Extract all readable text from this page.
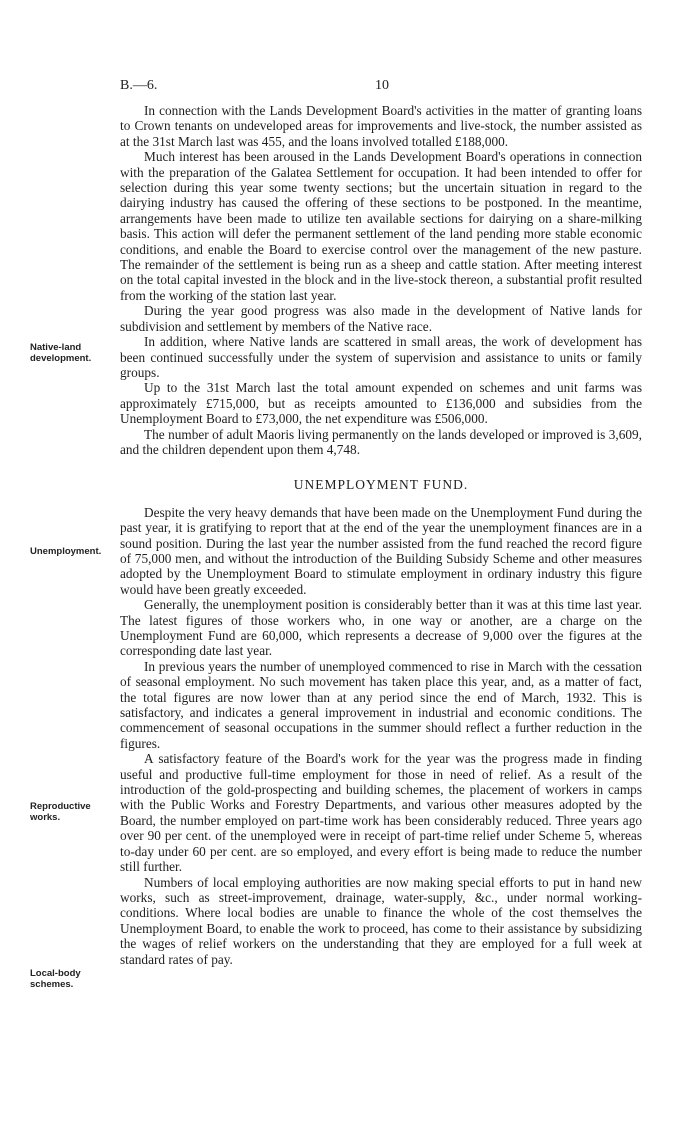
B.—6.	10
Native-land development.
Unemployment.
Reproductive works.
Local-body schemes.

In connection with the Lands Development Board's activities in the matter of granting loans to Crown tenants on undeveloped areas for improvements and live-stock, the number assisted as at the 31st March last was 455, and the loans involved totalled £188,000.

Much interest has been aroused in the Lands Development Board's operations in connection with the preparation of the Galatea Settlement for occupation. It had been intended to offer for selection during this year some twenty sections; but the uncertain situation in regard to the dairying industry has caused the offering of these sections to be postponed. In the meantime, arrangements have been made to utilize ten available sections for dairying on a share-milking basis. This action will defer the permanent settlement of the land pending more stable economic conditions, and enable the Board to exercise control over the management of the new pasture. The remainder of the settlement is being run as a sheep and cattle station. After meeting interest on the total capital invested in the block and in the live-stock thereon, a substantial profit resulted from the working of the station last year.

During the year good progress was also made in the development of Native lands for subdivision and settlement by members of the Native race.

In addition, where Native lands are scattered in small areas, the work of development has been continued successfully under the system of supervision and assistance to units or family groups.

Up to the 31st March last the total amount expended on schemes and unit farms was approximately £715,000, but as receipts amounted to £136,000 and subsidies from the Unemployment Board to £73,000, the net expenditure was £506,000.

The number of adult Maoris living permanently on the lands developed or improved is 3,609, and the children dependent upon them 4,748.

UNEMPLOYMENT FUND.

Despite the very heavy demands that have been made on the Unemployment Fund during the past year, it is gratifying to report that at the end of the year the unemployment finances are in a sound position. During the last year the number assisted from the fund reached the record figure of 75,000 men, and without the introduction of the Building Subsidy Scheme and other measures adopted by the Unemployment Board to stimulate employment in ordinary industry this figure would have been greatly exceeded.

Generally, the unemployment position is considerably better than it was at this time last year. The latest figures of those workers who, in one way or another, are a charge on the Unemployment Fund are 60,000, which represents a decrease of 9,000 over the figures at the corresponding date last year.

In previous years the number of unemployed commenced to rise in March with the cessation of seasonal employment. No such movement has taken place this year, and, as a matter of fact, the total figures are now lower than at any period since the end of March, 1932. This is satisfactory, and indicates a general improvement in industrial and economic conditions. The commencement of seasonal occupations in the summer should reflect a further reduction in the figures.

A satisfactory feature of the Board's work for the year was the progress made in finding useful and productive full-time employment for those in need of relief. As a result of the introduction of the gold-prospecting and building schemes, the placement of workers in camps with the Public Works and Forestry Departments, and various other measures adopted by the Board, the number employed on part-time work has been considerably reduced. Three years ago over 90 per cent. of the unemployed were in receipt of part-time relief under Scheme 5, whereas to-day under 60 per cent. are so employed, and every effort is being made to reduce the number still further.

Numbers of local employing authorities are now making special efforts to put in hand new works, such as street-improvement, drainage, water-supply, &c., under normal working-conditions. Where local bodies are unable to finance the whole of the cost themselves the Unemployment Board, to enable the work to proceed, has come to their assistance by subsidizing the wages of relief workers on the understanding that they are employed for a full week at standard rates of pay.
